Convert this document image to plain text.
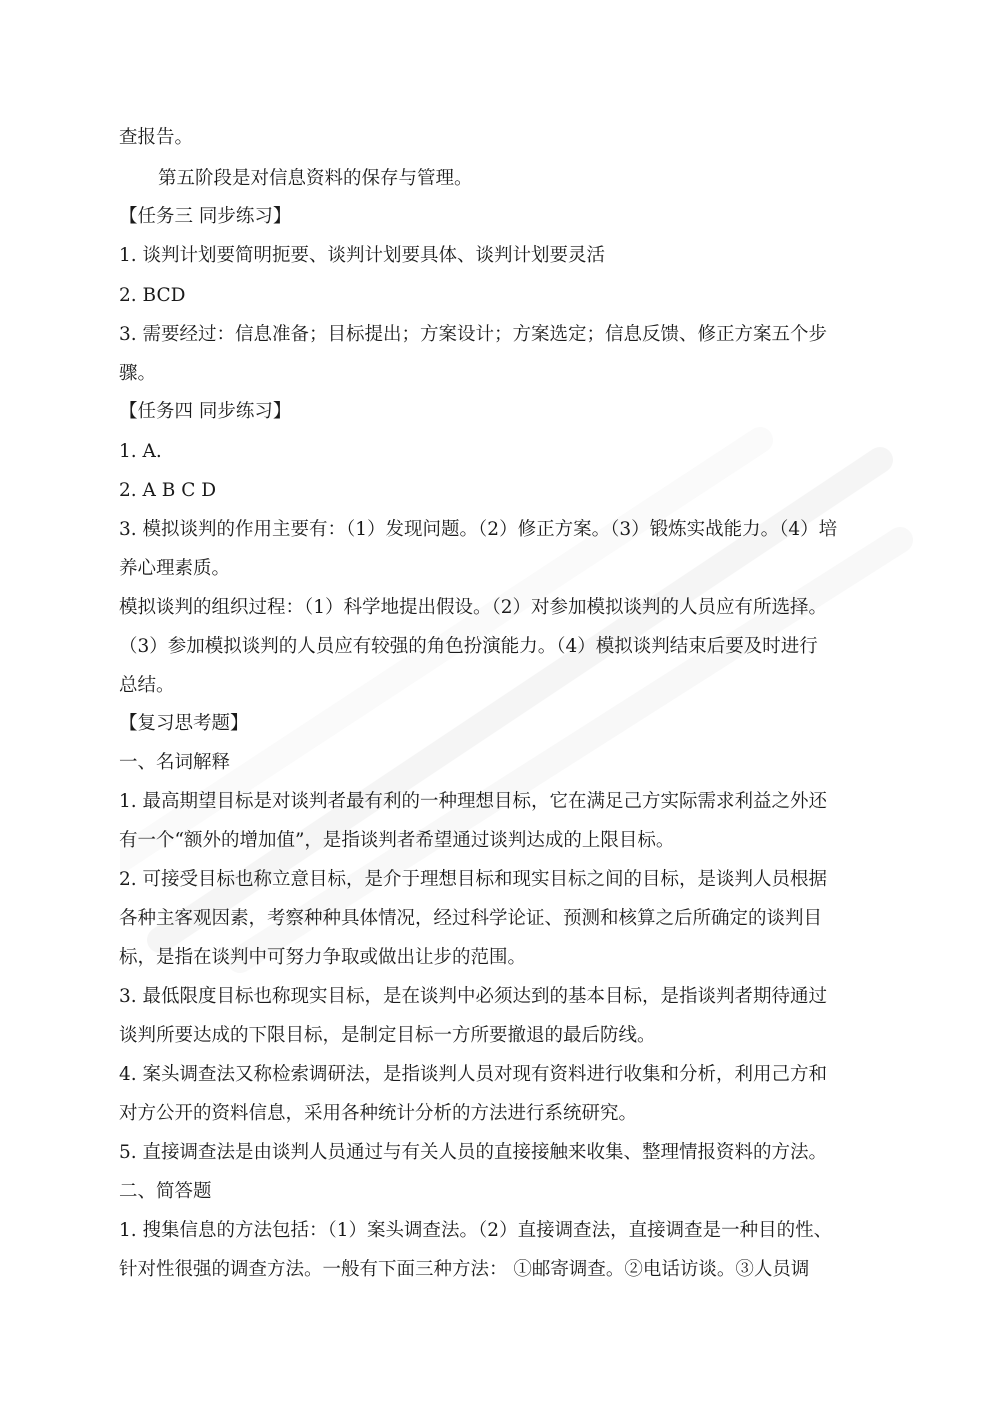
查报告。
第五阶段是对信息资料的保存与管理。
【任务三 同步练习】
1. 谈判计划要简明扼要、谈判计划要具体、谈判计划要灵活
2. BCD
3. 需要经过：信息准备；目标提出；方案设计；方案选定；信息反馈、修正方案五个步
骤。
【任务四 同步练习】
1. A.
2. A B C D
3. 模拟谈判的作用主要有：（1）发现问题。（2）修正方案。（3）锻炼实战能力。（4）培
养心理素质。
模拟谈判的组织过程：（1）科学地提出假设。（2）对参加模拟谈判的人员应有所选择。
（3）参加模拟谈判的人员应有较强的角色扮演能力。（4）模拟谈判结束后要及时进行
总结。
【复习思考题】
一、名词解释
1. 最高期望目标是对谈判者最有利的一种理想目标，它在满足己方实际需求利益之外还
有一个“额外的增加值”，是指谈判者希望通过谈判达成的上限目标。
2. 可接受目标也称立意目标，是介于理想目标和现实目标之间的目标，是谈判人员根据
各种主客观因素，考察种种具体情况，经过科学论证、预测和核算之后所确定的谈判目
标，是指在谈判中可努力争取或做出让步的范围。
3. 最低限度目标也称现实目标，是在谈判中必须达到的基本目标，是指谈判者期待通过
谈判所要达成的下限目标，是制定目标一方所要撤退的最后防线。
4. 案头调查法又称检索调研法，是指谈判人员对现有资料进行收集和分析，利用己方和
对方公开的资料信息，采用各种统计分析的方法进行系统研究。
5. 直接调查法是由谈判人员通过与有关人员的直接接触来收集、整理情报资料的方法。
二、简答题
1. 搜集信息的方法包括：（1）案头调查法。（2）直接调查法，直接调查是一种目的性、
针对性很强的调查方法。一般有下面三种方法： ①邮寄调查。②电话访谈。③人员调
